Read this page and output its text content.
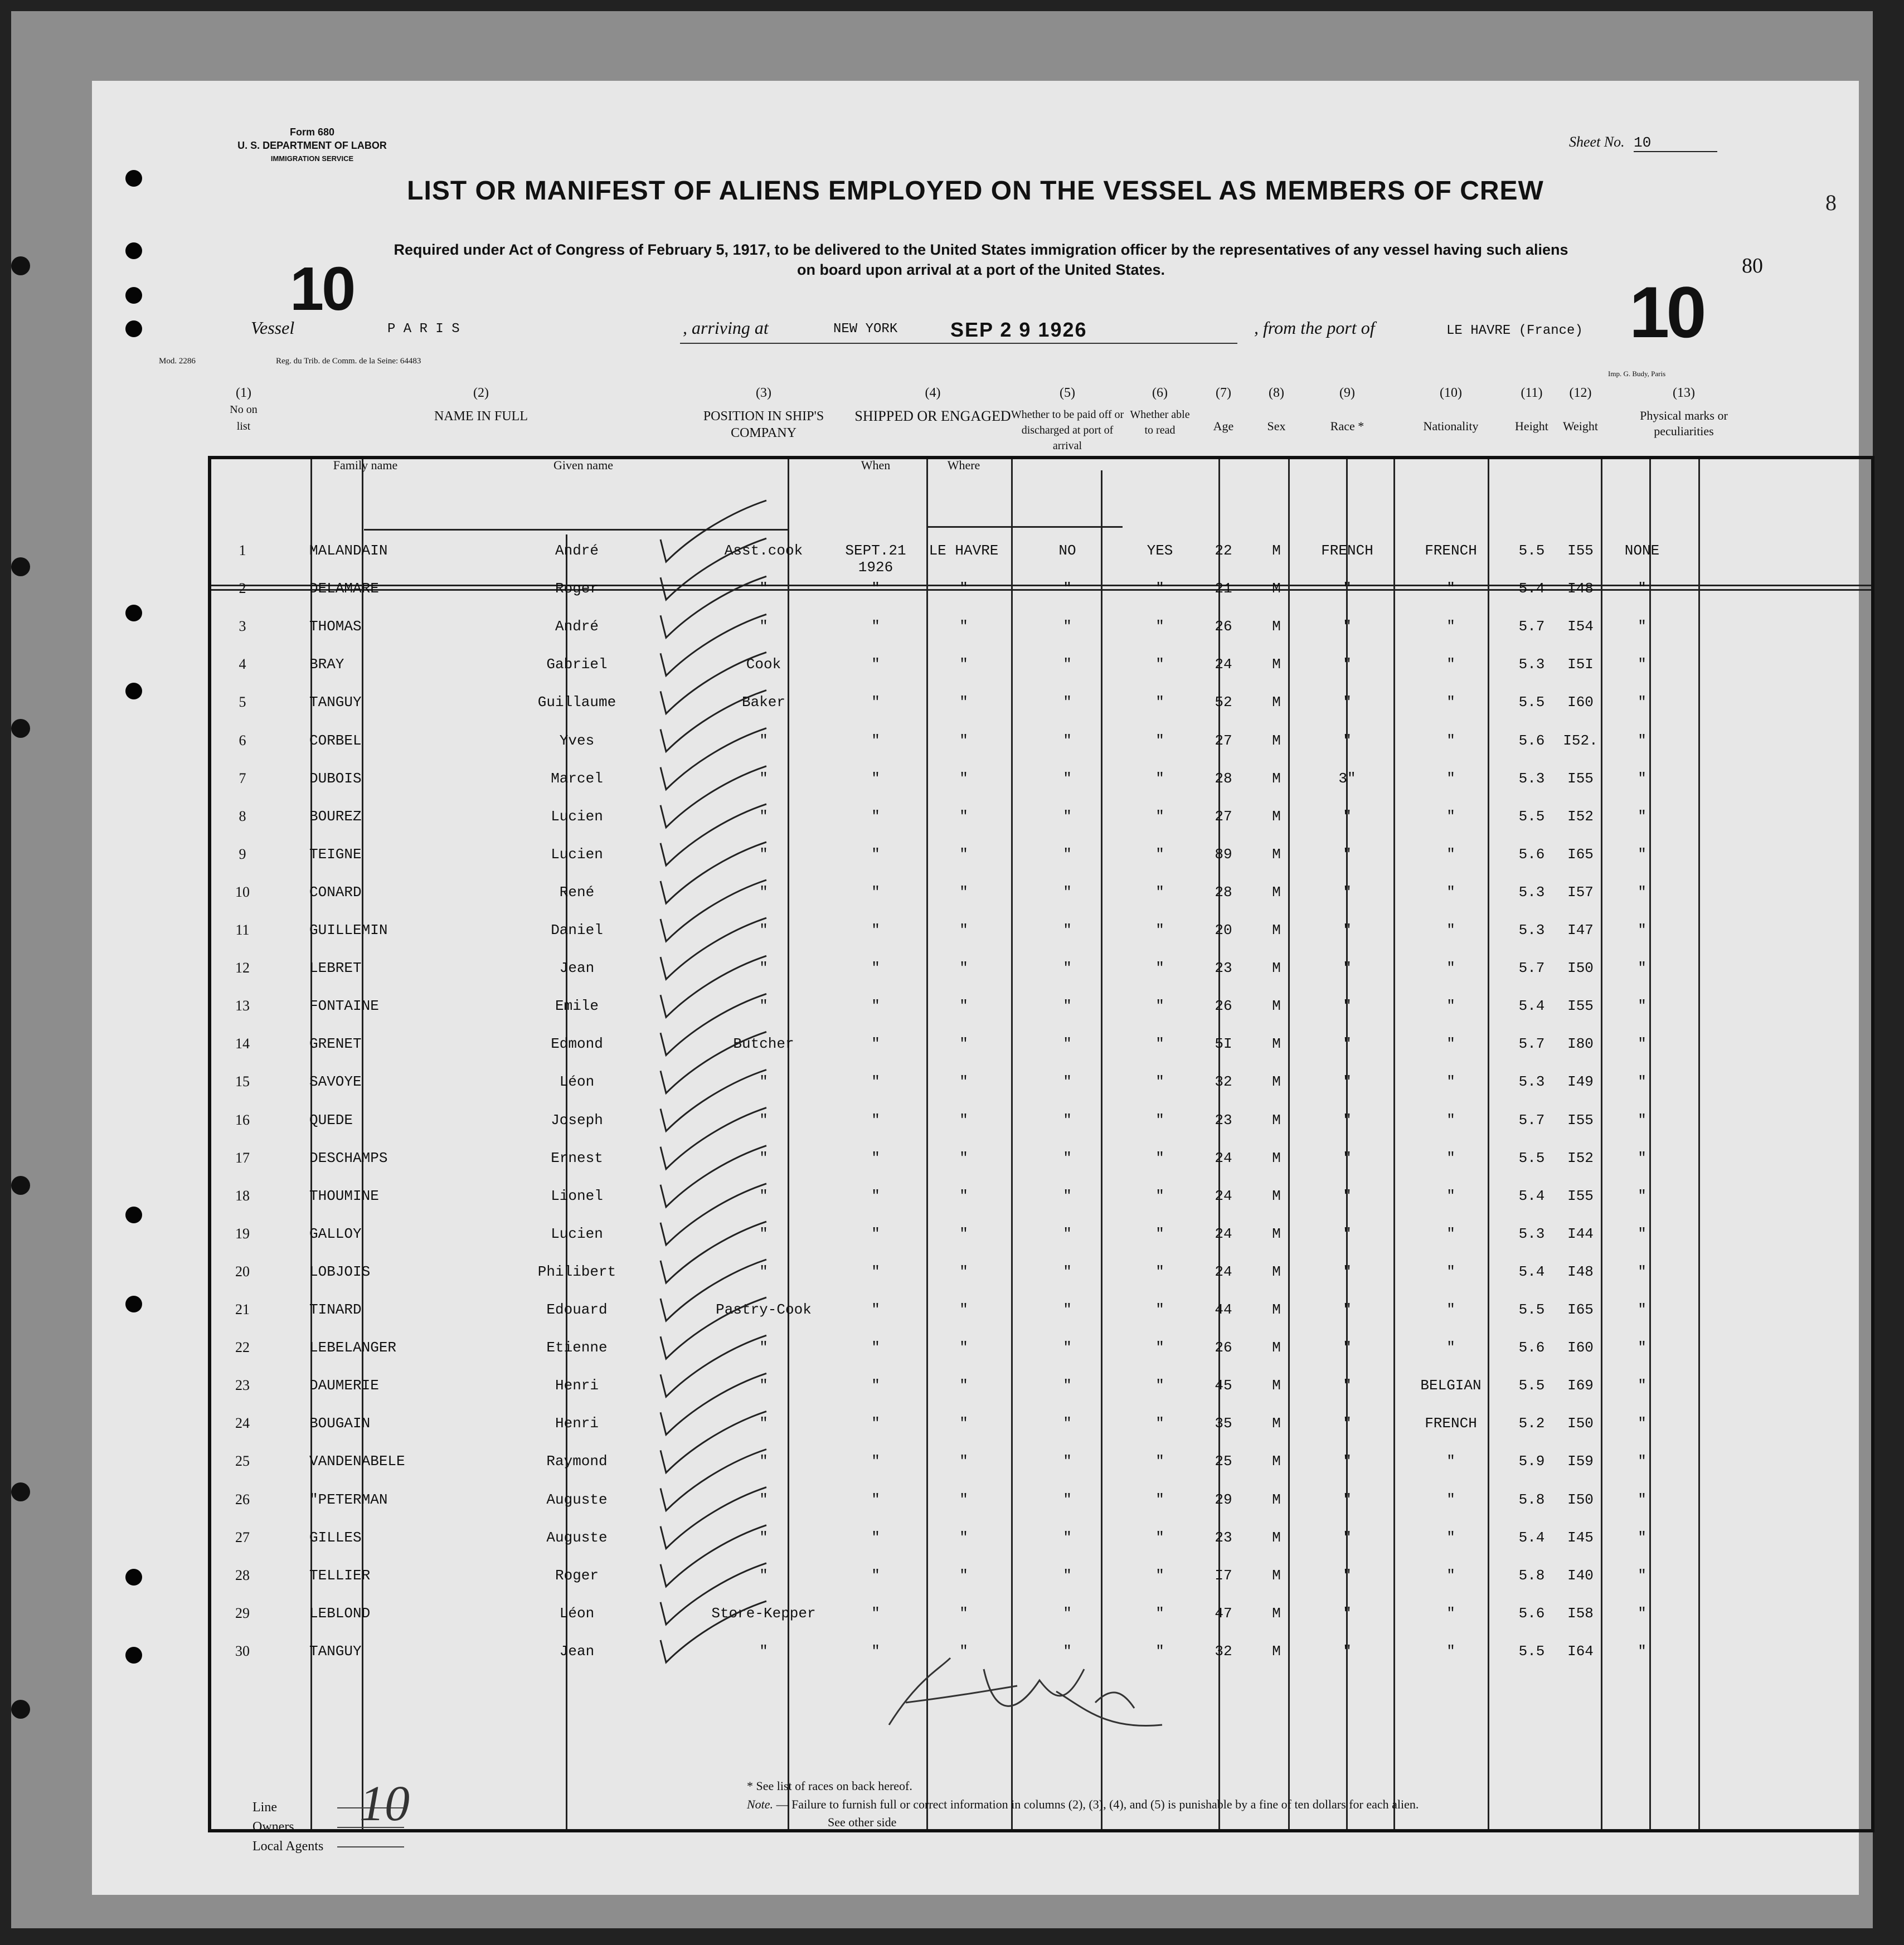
Form 680
U. S. DEPARTMENT OF LABOR
IMMIGRATION SERVICE
Sheet No. 10
LIST OR MANIFEST OF ALIENS EMPLOYED ON THE VESSEL AS MEMBERS OF CREW
Required under Act of Congress of February 5, 1917, to be delivered to the United States immigration officer by the representatives of any vessel having such aliens
on board upon arrival at a port of the United States.
10	10
80
8
Vessel	P A R I S	, arriving at	NEW YORK	SEP 2 9 1926	, from the port of	LE HAVRE (France)
Mod. 2286	Reg. du Trib. de Comm. de la Seine: 64483
Imp. G. Budy, Paris
(1)
No on list
(2)
NAME IN FULL
Family name	Given name
(3)
POSITION IN SHIP'S COMPANY
(4)
SHIPPED OR ENGAGED
When	Where
(5)
Whether to be paid off or discharged at port of arrival
(6)
Whether able to read
(7)
Age
(8)
Sex
(9)
Race *
(10)
Nationality
(11)
Height
(12)
Weight
(13)
Physical marks or peculiarities
1	MALANDAIN	André	Asst.cook	SEPT.21	LE HAVRE	NO	YES	22	M	FRENCH	FRENCH	5.5	I55	NONE
1926
2	DELAMARE	Roger	"	"	"	"	"	21	M	"	"	5.4	I48	"
3	THOMAS	André	"	"	"	"	"	26	M	"	"	5.7	I54	"
4	BRAY	Gabriel	Cook	"	"	"	"	24	M	"	"	5.3	I5I	"
5	TANGUY	Guillaume	Baker	"	"	"	"	52	M	"	"	5.5	I60	"
6	CORBEL	Yves	"	"	"	"	"	27	M	"	"	5.6	I52.	"
7	DUBOIS	Marcel	"	"	"	"	"	28	M	3"	"	5.3	I55	"
8	BOUREZ	Lucien	"	"	"	"	"	27	M	"	"	5.5	I52	"
9	TEIGNE	Lucien	"	"	"	"	"	89	M	"	"	5.6	I65	"
10	CONARD	René	"	"	"	"	"	28	M	"	"	5.3	I57	"
11	GUILLEMIN	Daniel	"	"	"	"	"	20	M	"	"	5.3	I47	"
12	LEBRET	Jean	"	"	"	"	"	23	M	"	"	5.7	I50	"
13	FONTAINE	Emile	"	"	"	"	"	26	M	"	"	5.4	I55	"
14	GRENET	Edmond	Butcher	"	"	"	"	5I	M	"	"	5.7	I80	"
15	SAVOYE	Léon	"	"	"	"	"	32	M	"	"	5.3	I49	"
16	QUEDE	Joseph	"	"	"	"	"	23	M	"	"	5.7	I55	"
17	DESCHAMPS	Ernest	"	"	"	"	"	24	M	"	"	5.5	I52	"
18	THOUMINE	Lionel	"	"	"	"	"	24	M	"	"	5.4	I55	"
19	GALLOY	Lucien	"	"	"	"	"	24	M	"	"	5.3	I44	"
20	LOBJOIS	Philibert	"	"	"	"	"	24	M	"	"	5.4	I48	"
21	TINARD	Edouard	Pastry-Cook	"	"	"	"	44	M	"	"	5.5	I65	"
22	LEBELANGER	Etienne	"	"	"	"	"	26	M	"	"	5.6	I60	"
23	DAUMERIE	Henri	"	"	"	"	"	45	M	"	BELGIAN	5.5	I69	"
24	BOUGAIN	Henri	"	"	"	"	"	35	M	"	FRENCH	5.2	I50	"
25	VANDENABELE	Raymond	"	"	"	"	"	25	M	"	"	5.9	I59	"
26	"PETERMAN	Auguste	"	"	"	"	"	29	M	"	"	5.8	I50	"
27	GILLES	Auguste	"	"	"	"	"	23	M	"	"	5.4	I45	"
28	TELLIER	Roger	"	"	"	"	"	I7	M	"	"	5.8	I40	"
29	LEBLOND	Léon	Store-Kepper	"	"	"	"	47	M	"	"	5.6	I58	"
30	TANGUY	Jean	"	"	"	"	"	32	M	"	"	5.5	I64	"
Line
Owners
Local Agents
10	* See list of races on back hereof.
Note. — Failure to furnish full or correct information in columns (2), (3), (4), and (5) is punishable by a fine of ten dollars for each alien.
See other side
